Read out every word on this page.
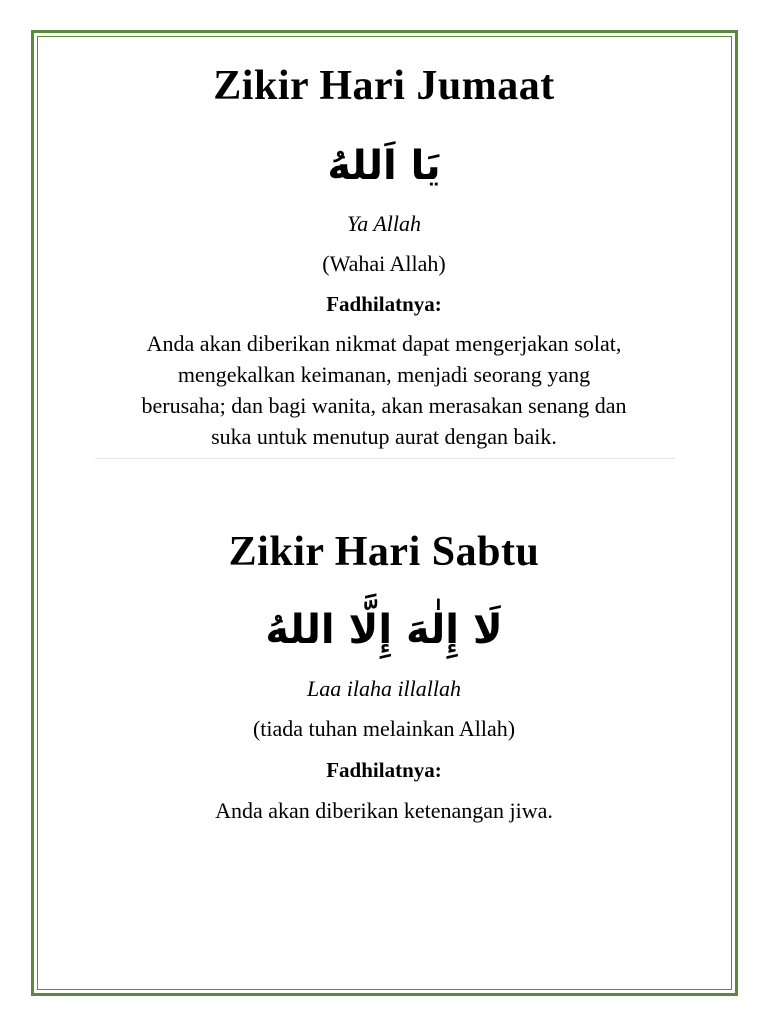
Zikir Hari Jumaat

يَا اَللهُ

Ya Allah

(Wahai Allah)

Fadhilatnya:

Anda akan diberikan nikmat dapat mengerjakan solat,

mengekalkan keimanan, menjadi seorang yang

berusaha; dan bagi wanita, akan merasakan senang dan

suka untuk menutup aurat dengan baik.

Zikir Hari Sabtu

لَا إِلٰهَ إِلَّا اللهُ

Laa ilaha illallah

(tiada tuhan melainkan Allah)

Fadhilatnya:

Anda akan diberikan ketenangan jiwa.
